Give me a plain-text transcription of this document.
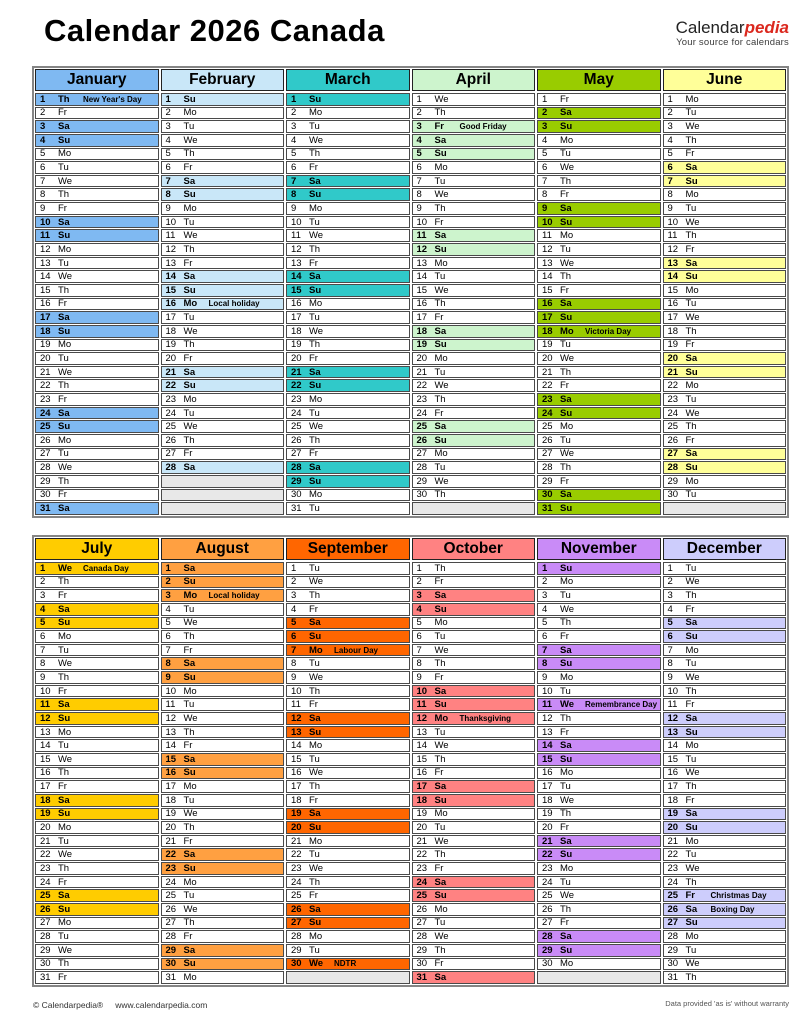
Calendar 2026 Canada	Calendarpedia
Your source for calendars
January
1	Th	New Year's Day
2	Fr
3	Sa
4	Su
5	Mo
6	Tu
7	We
8	Th
9	Fr
10 Sa
11 Su
12 Mo
13 Tu
14 We
15 Th
16 Fr
17 Sa
18 Su
19 Mo
20 Tu
21 We
22 Th
23 Fr
24 Sa
25 Su
26 Mo
27 Tu
28 We
29 Th
30 Fr
31 Sa
February
1	Su
2	Mo
3	Tu
4	We
5	Th
6	Fr
7	Sa
8	Su
9	Mo
10 Tu
11 We
12 Th
13 Fr
14 Sa
15 Su
16 Mo	Local holiday
17 Tu
18 We
19 Th
20 Fr
21 Sa
22 Su
23 Mo
24 Tu
25 We
26 Th
27 Fr
28 Sa
March
1	Su
2	Mo
3	Tu
4	We
5	Th
6	Fr
7	Sa
8	Su
9	Mo
10 Tu
11 We
12 Th
13 Fr
14 Sa
15 Su
16 Mo
17 Tu
18 We
19 Th
20 Fr
21 Sa
22 Su
23 Mo
24 Tu
25 We
26 Th
27 Fr
28 Sa
29 Su
30 Mo
31 Tu
April
1	We
2	Th
3	Fr	Good Friday
4	Sa
5	Su
6	Mo
7	Tu
8	We
9	Th
10 Fr
11 Sa
12 Su
13 Mo
14 Tu
15 We
16 Th
17 Fr
18 Sa
19 Su
20 Mo
21 Tu
22 We
23 Th
24 Fr
25 Sa
26 Su
27 Mo
28 Tu
29 We
30 Th
May
1	Fr
2	Sa
3	Su
4	Mo
5	Tu
6	We
7	Th
8	Fr
9	Sa
10 Su
11 Mo
12 Tu
13 We
14 Th
15 Fr
16 Sa
17 Su
18 Mo	Victoria Day
19 Tu
20 We
21 Th
22 Fr
23 Sa
24 Su
25 Mo
26 Tu
27 We
28 Th
29 Fr
30 Sa
31 Su
June
1	Mo
2	Tu
3	We
4	Th
5	Fr
6	Sa
7	Su
8	Mo
9	Tu
10 We
11 Th
12 Fr
13 Sa
14 Su
15 Mo
16 Tu
17 We
18 Th
19 Fr
20 Sa
21 Su
22 Mo
23 Tu
24 We
25 Th
26 Fr
27 Sa
28 Su
29 Mo
30 Tu
July
1	We	Canada Day
2	Th
3	Fr
4	Sa
5	Su
6	Mo
7	Tu
8	We
9	Th
10 Fr
11 Sa
12 Su
13 Mo
14 Tu
15 We
16 Th
17 Fr
18 Sa
19 Su
20 Mo
21 Tu
22 We
23 Th
24 Fr
25 Sa
26 Su
27 Mo
28 Tu
29 We
30 Th
31 Fr
August
1	Sa
2	Su
3	Mo	Local holiday
4	Tu
5	We
6	Th
7	Fr
8	Sa
9	Su
10 Mo
11 Tu
12 We
13 Th
14 Fr
15 Sa
16 Su
17 Mo
18 Tu
19 We
20 Th
21 Fr
22 Sa
23 Su
24 Mo
25 Tu
26 We
27 Th
28 Fr
29 Sa
30 Su
31 Mo
September
1	Tu
2	We
3	Th
4	Fr
5	Sa
6	Su
7	Mo	Labour Day
8	Tu
9	We
10 Th
11 Fr
12 Sa
13 Su
14 Mo
15 Tu
16 We
17 Th
18 Fr
19 Sa
20 Su
21 Mo
22 Tu
23 We
24 Th
25 Fr
26 Sa
27 Su
28 Mo
29 Tu
30 We	NDTR
October
1	Th
2	Fr
3	Sa
4	Su
5	Mo
6	Tu
7	We
8	Th
9	Fr
10 Sa
11 Su
12 Mo	Thanksgiving
13 Tu
14 We
15 Th
16 Fr
17 Sa
18 Su
19 Mo
20 Tu
21 We
22 Th
23 Fr
24 Sa
25 Su
26 Mo
27 Tu
28 We
29 Th
30 Fr
31 Sa
November
1	Su
2	Mo
3	Tu
4	We
5	Th
6	Fr
7	Sa
8	Su
9	Mo
10 Tu
11 We	Remembrance Day
12 Th
13 Fr
14 Sa
15 Su
16 Mo
17 Tu
18 We
19 Th
20 Fr
21 Sa
22 Su
23 Mo
24 Tu
25 We
26 Th
27 Fr
28 Sa
29 Su
30 Mo
December
1	Tu
2	We
3	Th
4	Fr
5	Sa
6	Su
7	Mo
8	Tu
9	We
10 Th
11 Fr
12 Sa
13 Su
14 Mo
15 Tu
16 We
17 Th
18 Fr
19 Sa
20 Su
21 Mo
22 Tu
23 We
24 Th
25 Fr	Christmas Day
26 Sa	Boxing Day
27 Su
28 Mo
29 Tu
30 We
31 Th
© Calendarpedia® www.calendarpedia.com	Data provided 'as is' without warranty
